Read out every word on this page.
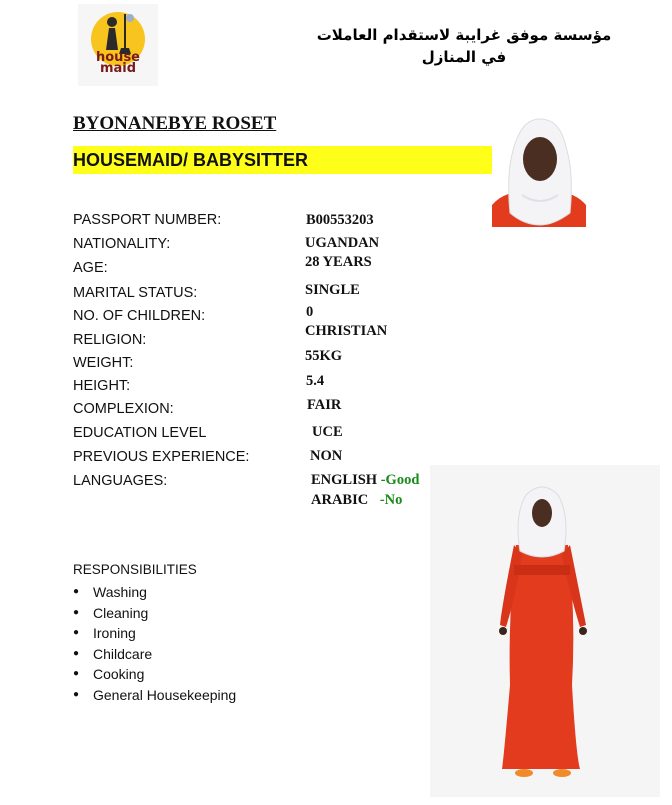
house
maid
مؤسسة موفق غرايبة لاستقدام العاملات في المنازل
BYONANEBYE ROSET
HOUSEMAID/ BABYSITTER
PASSPORT NUMBER:	B00553203
NATIONALITY:	UGANDAN
AGE:	28 YEARS
MARITAL STATUS:	SINGLE
NO. OF CHILDREN:	0
RELIGION:
CHRISTIAN
WEIGHT:	55KG
HEIGHT:	5.4
COMPLEXION:	FAIR
EDUCATION LEVEL	UCE
PREVIOUS EXPERIENCE:	NON
LANGUAGES:	ENGLISH -Good
ARABIC -No
RESPONSIBILITIES
● Washing
● Cleaning
● Ironing
● Childcare
● Cooking
● General Housekeeping
